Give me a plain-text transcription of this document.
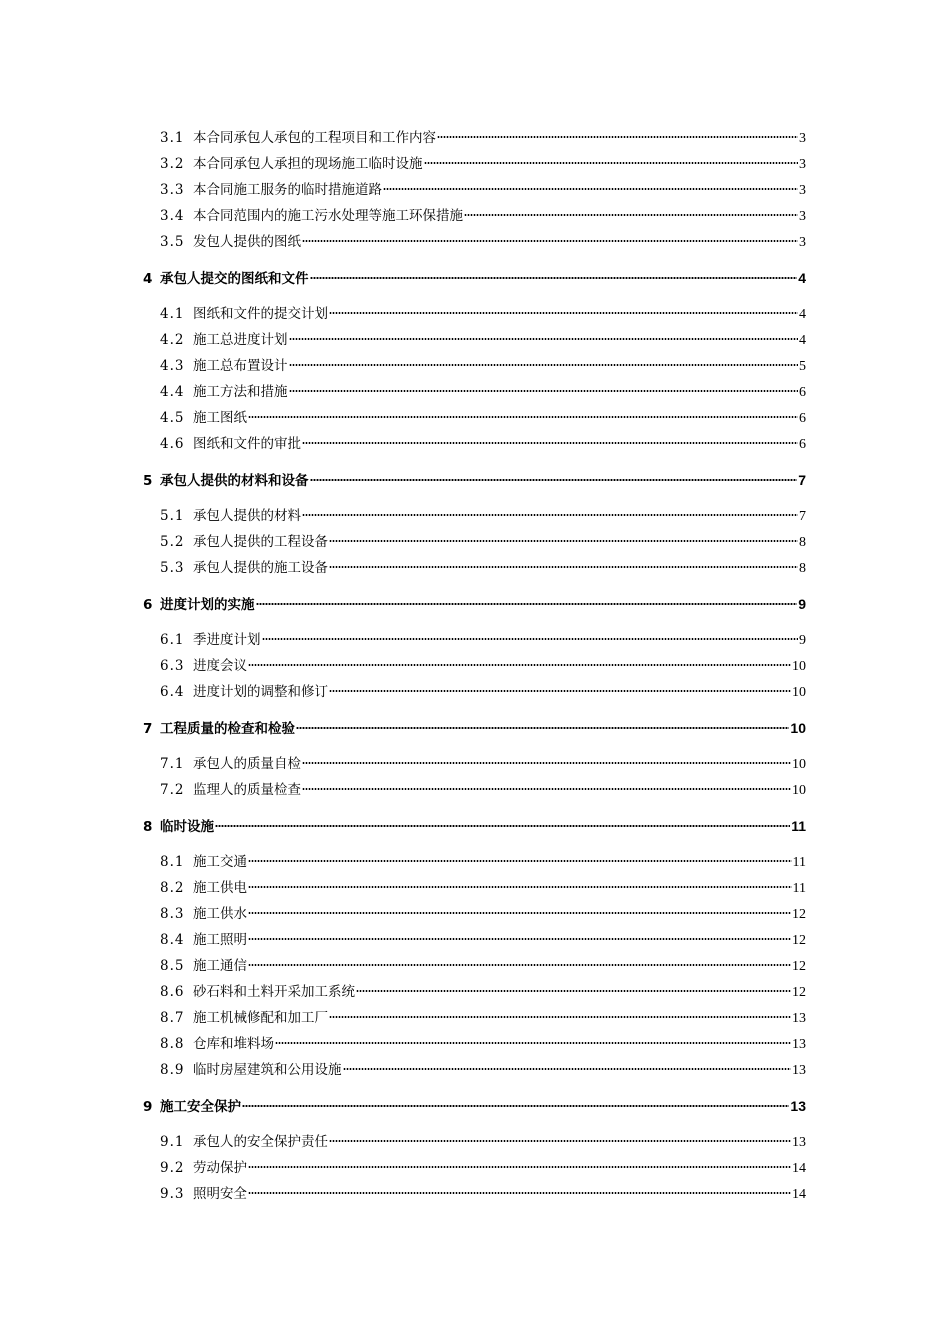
3.1 本合同承包人承包的工程项目和工作内容	3
3.2 本合同承包人承担的现场施工临时设施	3
3.3 本合同施工服务的临时措施道路	3
3.4 本合同范围内的施工污水处理等施工环保措施	3
3.5 发包人提供的图纸	3
4 承包人提交的图纸和文件	4
4.1 图纸和文件的提交计划	4
4.2 施工总进度计划	4
4.3 施工总布置设计	5
4.4 施工方法和措施	6
4.5 施工图纸	6
4.6 图纸和文件的审批	6
5 承包人提供的材料和设备	7
5.1 承包人提供的材料	7
5.2 承包人提供的工程设备	8
5.3 承包人提供的施工设备	8
6 进度计划的实施	9
6.1 季进度计划	9
6.3 进度会议	10
6.4 进度计划的调整和修订	10
7 工程质量的检查和检验	10
7.1 承包人的质量自检	10
7.2 监理人的质量检查	10
8 临时设施	11
8.1 施工交通	11
8.2 施工供电	11
8.3 施工供水	12
8.4 施工照明	12
8.5 施工通信	12
8.6 砂石料和土料开采加工系统	12
8.7 施工机械修配和加工厂	13
8.8 仓库和堆料场	13
8.9 临时房屋建筑和公用设施	13
9 施工安全保护	13
9.1 承包人的安全保护责任	13
9.2 劳动保护	14
9.3 照明安全	14
